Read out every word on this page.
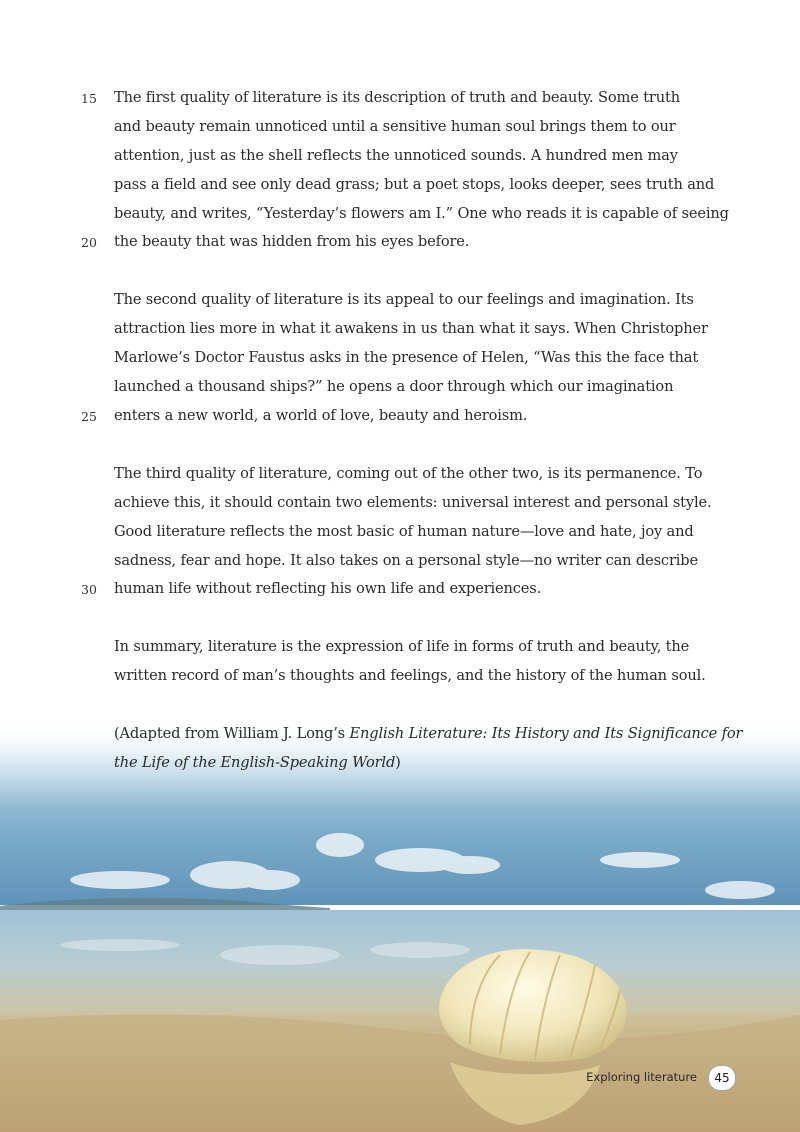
The first quality of literature is its description of truth and beauty. Some truth
and beauty remain unnoticed until a sensitive human soul brings them to our
attention, just as the shell reflects the unnoticed sounds. A hundred men may
pass a field and see only dead grass; but a poet stops, looks deeper, sees truth and
beauty, and writes, “Yesterday’s flowers am I.” One who reads it is capable of seeing
the beauty that was hidden from his eyes before.
The second quality of literature is its appeal to our feelings and imagination. Its
attraction lies more in what it awakens in us than what it says. When Christopher
Marlowe’s Doctor Faustus asks in the presence of Helen, “Was this the face that
launched a thousand ships?” he opens a door through which our imagination
enters a new world, a world of love, beauty and heroism.
The third quality of literature, coming out of the other two, is its permanence. To
achieve this, it should contain two elements: universal interest and personal style.
Good literature reflects the most basic of human nature—love and hate, joy and
sadness, fear and hope. It also takes on a personal style—no writer can describe
human life without reflecting his own life and experiences.
In summary, literature is the expression of life in forms of truth and beauty, the
written record of man’s thoughts and feelings, and the history of the human soul.
(Adapted from William J. Long’s English Literature: Its History and Its Significance for
the Life of the English-Speaking World)
15
20
25
30
Exploring literature	45
